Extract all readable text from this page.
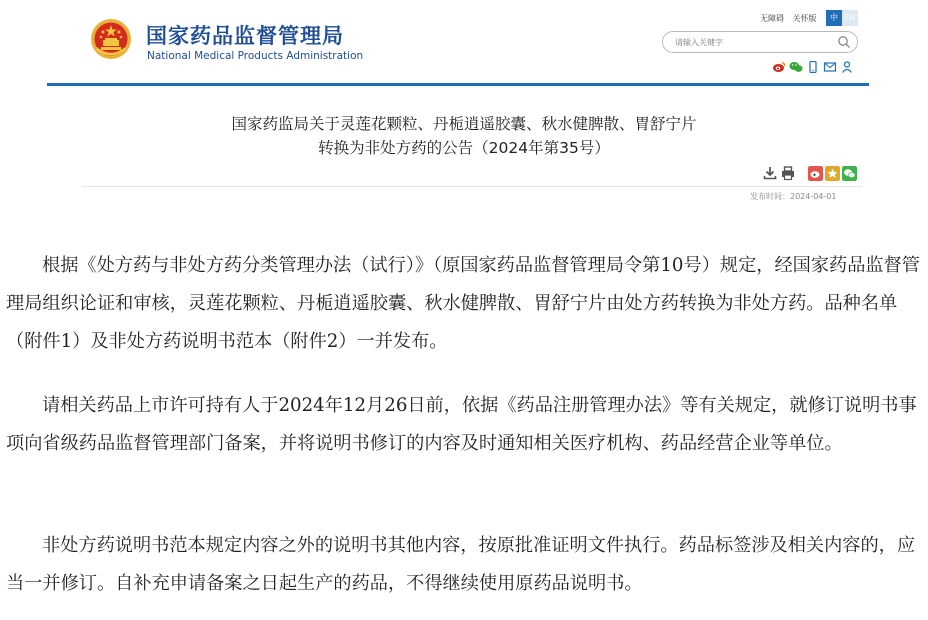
国家药品监督管理局
National Medical Products Administration
无障碍 关怀版	中 EN
请输入关键字
国家药监局关于灵莲花颗粒、丹栀逍遥胶囊、秋水健脾散、胃舒宁片
转换为非处方药的公告（2024年第35号）
发布时间：2024-04-01

根据《处方药与非处方药分类管理办法（试行）》（原国家药品监督管理局令第10号）规定，经国家药品监督管理局组织论证和审核，灵莲花颗粒、丹栀逍遥胶囊、秋水健脾散、胃舒宁片由处方药转换为非处方药。品种名单（附件1）及非处方药说明书范本（附件2）一并发布。

请相关药品上市许可持有人于2024年12月26日前，依据《药品注册管理办法》等有关规定，就修订说明书事项向省级药品监督管理部门备案，并将说明书修订的内容及时通知相关医疗机构、药品经营企业等单位。

非处方药说明书范本规定内容之外的说明书其他内容，按原批准证明文件执行。药品标签涉及相关内容的，应当一并修订。自补充申请备案之日起生产的药品，不得继续使用原药品说明书。
